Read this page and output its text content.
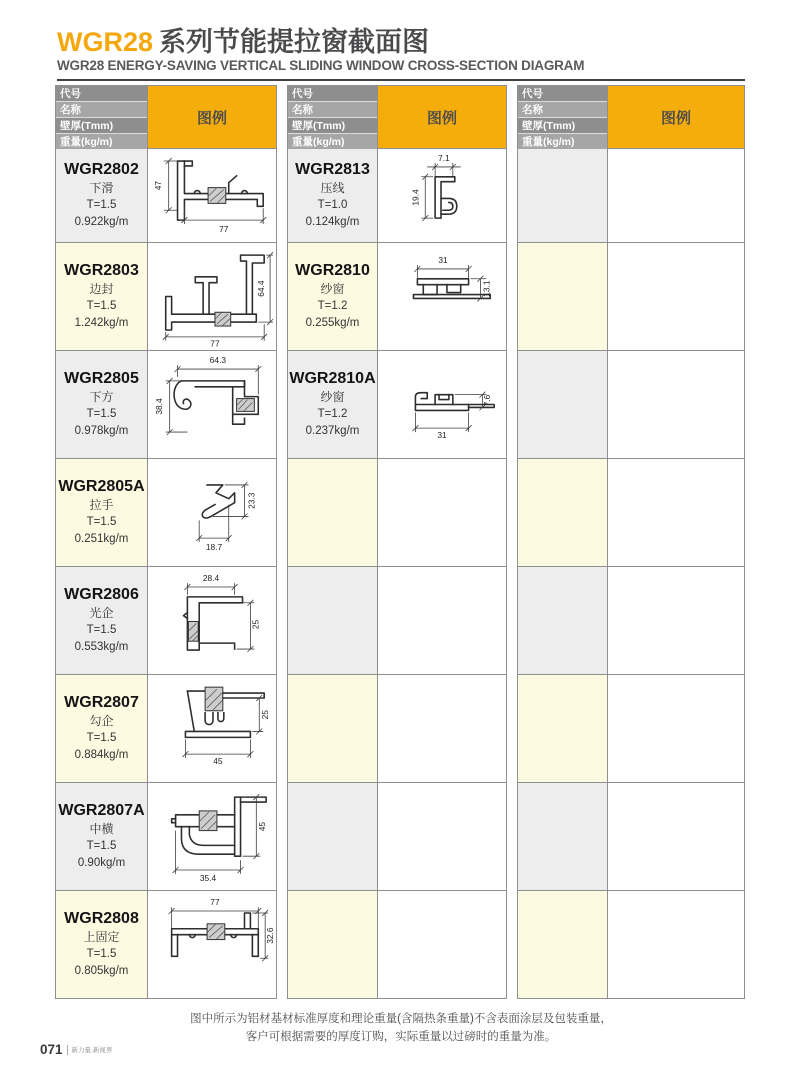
WGR28 系列节能提拉窗截面图
WGR28 ENERGY-SAVING VERTICAL SLIDING WINDOW CROSS-SECTION DIAGRAM
代号
名称
壁厚(Tmm)
重量(kg/m)
图例
WGR2802
下滑
T=1.5
0.922kg/m
47
77
WGR2803
边封
T=1.5
1.242kg/m
77
64.4
WGR2805
下方
T=1.5
0.978kg/m
64.3
38.4
WGR2805A
拉手
T=1.5
0.251kg/m
23.3
18.7
WGR2806
光企
T=1.5
0.553kg/m
28.4
25
WGR2807
勾企
T=1.5
0.884kg/m	45
25
WGR2807A
中横
T=1.5
0.90kg/m
45
35.4
WGR2808
上固定
T=1.5
0.805kg/m
77
32.6
代号
名称
壁厚(Tmm)
重量(kg/m)
图例
WGR2813
压线
T=1.0
0.124kg/m
7.1
19.4
WGR2810
纱窗
T=1.2
0.255kg/m
31
13.1
WGR2810A
纱窗
T=1.2
0.237kg/m
7.6
31
代号
名称
壁厚(Tmm)
重量(kg/m)
图例
图中所示为铝材基材标准厚度和理论重量(含隔热条重量)不含表面涂层及包装重量，
客户可根据需要的厚度订购，实际重量以过磅时的重量为准。
071 新力量.新视界
